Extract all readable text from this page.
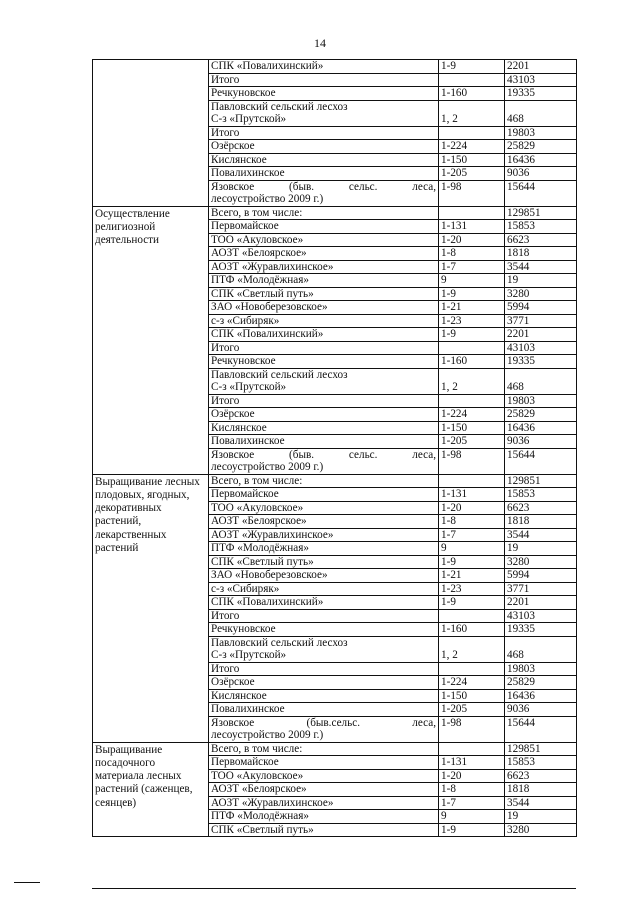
14
	СПК «Повалихинский»	1-9	2201
	Итого		43103
	Речкуновское	1-160	19335
	Павловский сельский лесхоз
С-з «Прутской»	1, 2	468
	Итого		19803
	Озёрское	1-224	25829
	Кислянское	1-150	16436
	Повалихинское	1-205	9036
	Язовское (быв. сельс. леса,
лесоустройство 2009 г.)	1-98	15644
Осуществление религиозной деятельности	Всего, в том числе:		129851
	Первомайское	1-131	15853
	ТОО «Акуловское»	1-20	6623
	АОЗТ «Белоярское»	1-8	1818
	АОЗТ «Журавлихинское»	1-7	3544
	ПТФ «Молодёжная»	9	19
	СПК «Светлый путь»	1-9	3280
	ЗАО «Новоберезовское»	1-21	5994
	с-з «Сибиряк»	1-23	3771
	СПК «Повалихинский»	1-9	2201
	Итого		43103
	Речкуновское	1-160	19335
	Павловский сельский лесхоз
С-з «Прутской»	1, 2	468
	Итого		19803
	Озёрское	1-224	25829
	Кислянское	1-150	16436
	Повалихинское	1-205	9036
	Язовское (быв. сельс. леса,
лесоустройство 2009 г.)	1-98	15644
Выращивание лесных плодовых, ягодных, декоративных растений, лекарственных растений	Всего, в том числе:		129851
	Первомайское	1-131	15853
	ТОО «Акуловское»	1-20	6623
	АОЗТ «Белоярское»	1-8	1818
	АОЗТ «Журавлихинское»	1-7	3544
	ПТФ «Молодёжная»	9	19
	СПК «Светлый путь»	1-9	3280
	ЗАО «Новоберезовское»	1-21	5994
	с-з «Сибиряк»	1-23	3771
	СПК «Повалихинский»	1-9	2201
	Итого		43103
	Речкуновское	1-160	19335
	Павловский сельский лесхоз
С-з «Прутской»	1, 2	468
	Итого		19803
	Озёрское	1-224	25829
	Кислянское	1-150	16436
	Повалихинское	1-205	9036
	Язовское (быв.сельс. леса,
лесоустройство 2009 г.)	1-98	15644
Выращивание посадочного материала лесных растений (саженцев, сеянцев)	Всего, в том числе:		129851
	Первомайское	1-131	15853
	ТОО «Акуловское»	1-20	6623
	АОЗТ «Белоярское»	1-8	1818
	АОЗТ «Журавлихинское»	1-7	3544
	ПТФ «Молодёжная»	9	19
	СПК «Светлый путь»	1-9	3280
